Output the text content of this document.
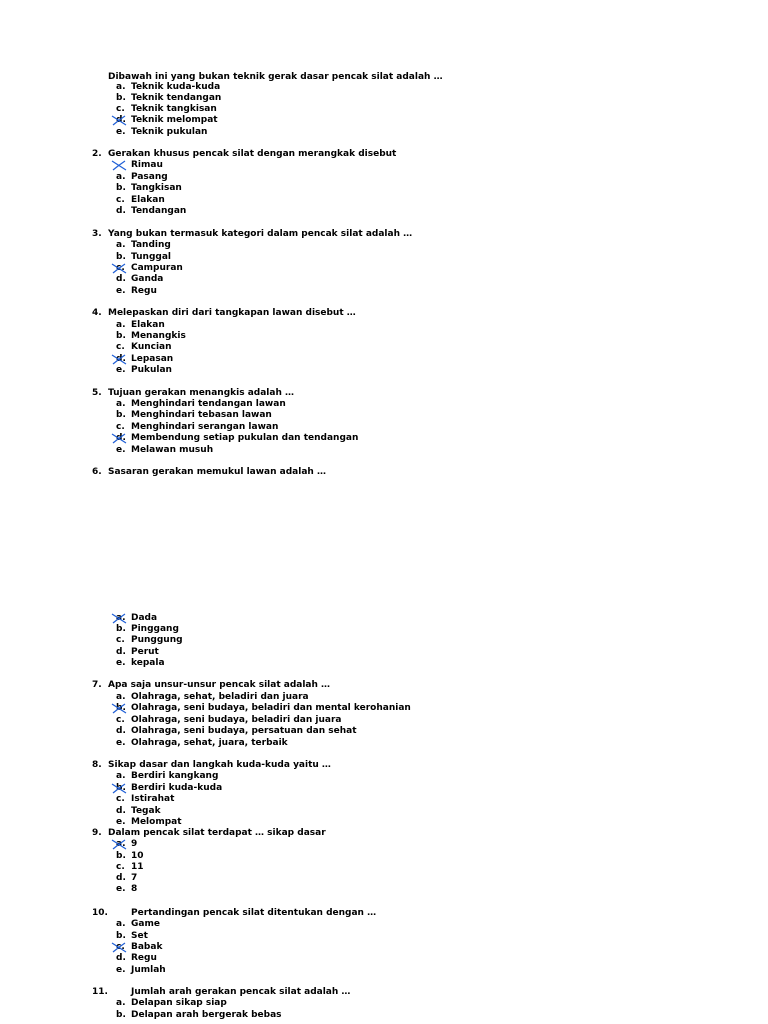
Dibawah ini yang bukan teknik gerak dasar pencak silat adalah …
a. Teknik kuda-kuda
b. Teknik tendangan
c. Teknik tangkisan
d. Teknik melompat
e. Teknik pukulan
2. Gerakan khusus pencak silat dengan merangkak disebut
Rimau
a. Pasang
b. Tangkisan
c. Elakan
d. Tendangan
3. Yang bukan termasuk kategori dalam pencak silat adalah …
a. Tanding
b. Tunggal
c. Campuran
d. Ganda
e. Regu
4. Melepaskan diri dari tangkapan lawan disebut …
a. Elakan
b. Menangkis
c. Kuncian
d. Lepasan
e. Pukulan
5. Tujuan gerakan menangkis adalah …
a. Menghindari tendangan lawan
b. Menghindari tebasan lawan
c. Menghindari serangan lawan
d. Membendung setiap pukulan dan tendangan
e. Melawan musuh
6. Sasaran gerakan memukul lawan adalah …
a. Dada
b. Pinggang
c. Punggung
d. Perut
e. kepala
7. Apa saja unsur-unsur pencak silat adalah …
a. Olahraga, sehat, beladiri dan juara
b. Olahraga, seni budaya, beladiri dan mental kerohanian
c. Olahraga, seni budaya, beladiri dan juara
d. Olahraga, seni budaya, persatuan dan sehat
e. Olahraga, sehat, juara, terbaik
8. Sikap dasar dan langkah kuda-kuda yaitu …
a. Berdiri kangkang
b. Berdiri kuda-kuda
c. Istirahat
d. Tegak
e. Melompat
9. Dalam pencak silat terdapat … sikap dasar
a. 9
b. 10
c. 11
d. 7
e. 8
10.	Pertandingan pencak silat ditentukan dengan …
a. Game
b. Set
c. Babak
d. Regu
e. Jumlah
11.	Jumlah arah gerakan pencak silat adalah …
a. Delapan sikap siap
b. Delapan arah bergerak bebas
